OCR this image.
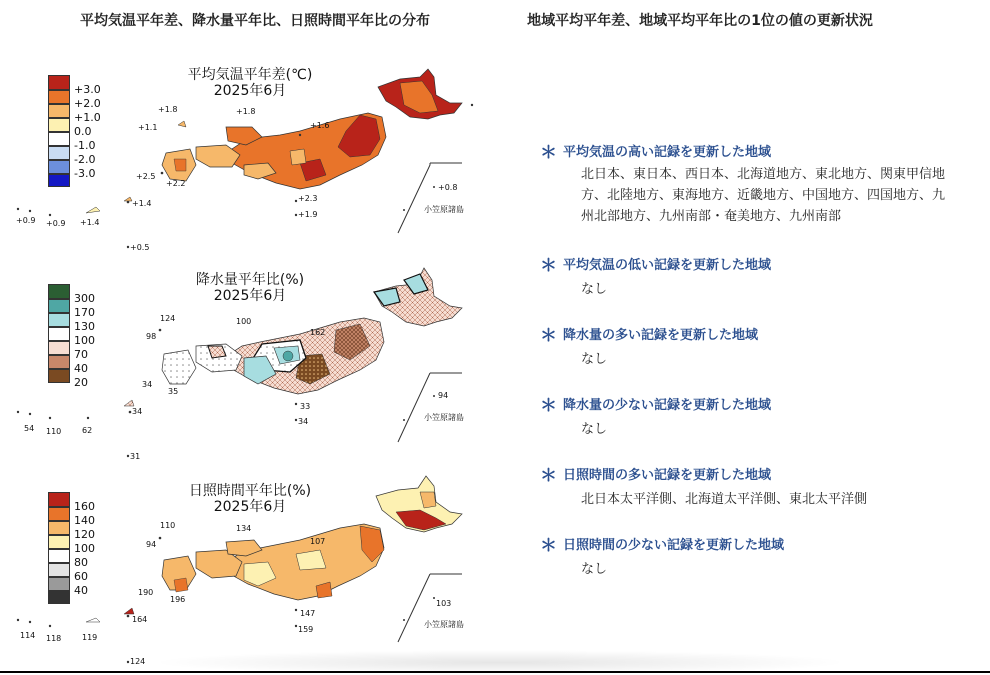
平均気温平年差、降水量平年比、日照時間平年比の分布	地域平均平年差、地域平均平年比の1位の値の更新状況
平均気温平年差(℃)
2025年6月
+3.0
+2.0
+1.0
0.0
-1.0
-2.0
-3.0
+1.8	+1.8
+1.1	+1.6
+2.5
+2.2	+0.8
+2.3
+1.9
+1.4
+0.9 +0.9 +1.4
+0.5
小笠原諸島
降水量平年比(%)
2025年6月
300
170
130
100
70
40
20
124	100
98	162
34
35	94
33
34
34
54 110	62
31
小笠原諸島
日照時間平年比(%)
2025年6月
160
140
120
100
80
60
40
110	134
94	107
190
196	103
147
159
164
114 118	119
124
小笠原諸島
＊ 平均気温の高い記録を更新した地域
北日本、東日本、西日本、北海道地方、東北地方、関東甲信地方、北陸地方、東海地方、近畿地方、中国地方、四国地方、九州北部地方、九州南部・奄美地方、九州南部
＊ 平均気温の低い記録を更新した地域
なし
＊ 降水量の多い記録を更新した地域
なし
＊ 降水量の少ない記録を更新した地域
なし
＊ 日照時間の多い記録を更新した地域
北日本太平洋側、北海道太平洋側、東北太平洋側
＊ 日照時間の少ない記録を更新した地域
なし
